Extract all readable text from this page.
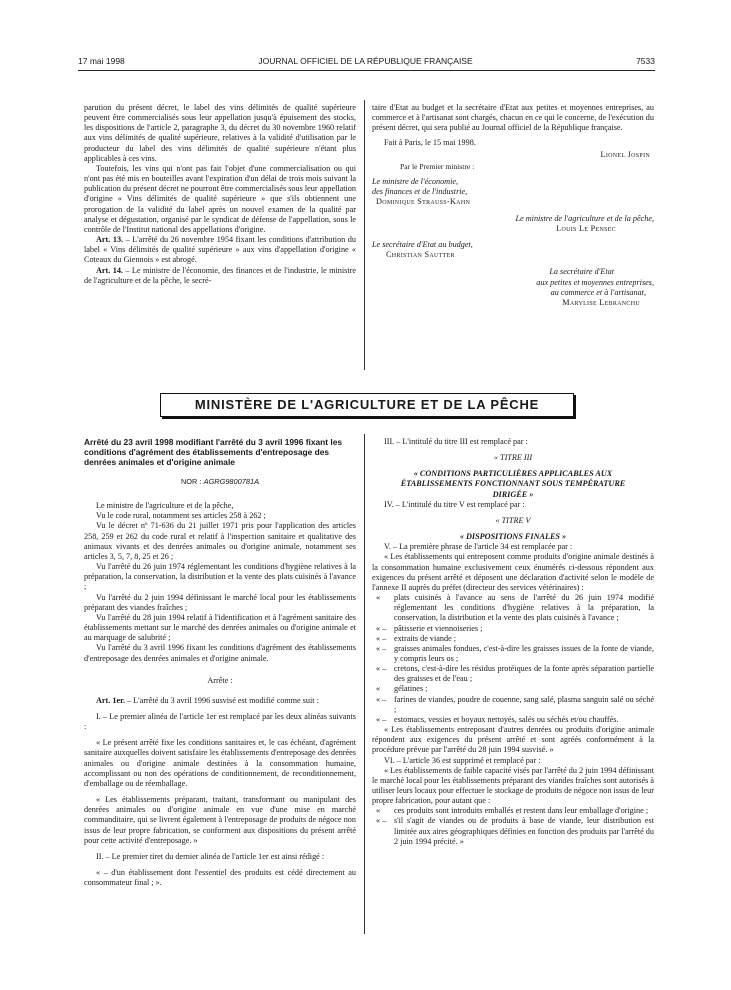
17 mai 1998	JOURNAL OFFICIEL DE LA RÉPUBLIQUE FRANÇAISE	7533

parution du présent décret, le label des vins délimités de qualité supérieure peuvent être commercialisés sous leur appellation jusqu'à épuisement des stocks, les dispositions de l'article 2, paragraphe 3, du décret du 30 novembre 1960 relatif aux vins délimités de qualité supérieure, relatives à la validité d'utilisation par le producteur du label des vins délimités de qualité supérieure n'étant plus applicables à ces vins.

Toutefois, les vins qui n'ont pas fait l'objet d'une commercialisation ou qui n'ont pas été mis en bouteilles avant l'expiration d'un délai de trois mois suivant la publication du présent décret ne pourront être commercialisés sous leur appellation d'origine « Vins délimités de qualité supérieure » que s'ils obtiennent une prorogation de la validité du label après un nouvel examen de la qualité par analyse et dégustation, organisé par le syndicat de défense de l'appellation, sous le contrôle de l'Institut national des appellations d'origine.

Art. 13. – L'arrêté du 26 novembre 1954 fixant les conditions d'attribution du label « Vins délimités de qualité supérieure » aux vins d'appellation d'origine « Coteaux du Giennois » est abrogé.

Art. 14. – Le ministre de l'économie, des finances et de l'industrie, le ministre de l'agriculture et de la pêche, le secré-

taire d'Etat au budget et la secrétaire d'Etat aux petites et moyennes entreprises, au commerce et à l'artisanat sont chargés, chacun en ce qui le concerne, de l'exécution du présent décret, qui sera publié au Journal officiel de la République française.

Fait à Paris, le 15 mai 1998.

Lionel Jospin
Par le Premier ministre :
Le ministre de l'économie,
des finances et de l'industrie,
Dominique Strauss-Kahn
Le ministre de l'agriculture et de la pêche,
Louis Le Pensec
Le secrétaire d'Etat au budget,
Christian Sautter
La secrétaire d'Etat
aux petites et moyennes entreprises,
au commerce et à l'artisanat,
Marylise Lebranchu
MINISTÈRE DE L'AGRICULTURE ET DE LA PÊCHE
Arrêté du 23 avril 1998 modifiant l'arrêté du 3 avril 1996 fixant les conditions d'agrément des établissements d'entreposage des denrées animales et d'origine animale
NOR : AGRG9800781A

Le ministre de l'agriculture et de la pêche,

Vu le code rural, notamment ses articles 258 à 262 ;

Vu le décret nº 71-636 du 21 juillet 1971 pris pour l'application des articles 258, 259 et 262 du code rural et relatif à l'inspection sanitaire et qualitative des animaux vivants et des denrées animales ou d'origine animale, notamment ses articles 3, 5, 7, 8, 25 et 26 ;

Vu l'arrêté du 26 juin 1974 réglementant les conditions d'hygiène relatives à la préparation, la conservation, la distribution et la vente des plats cuisinés à l'avance ;

Vu l'arrêté du 2 juin 1994 définissant le marché local pour les établissements préparant des viandes fraîches ;

Vu l'arrêté du 28 juin 1994 relatif à l'identification et à l'agrément sanitaire des établissements mettant sur le marché des denrées animales ou d'origine animale et au marquage de salubrité ;

Vu l'arrêté du 3 avril 1996 fixant les conditions d'agrément des établissements d'entreposage des denrées animales et d'origine animale.

Arrête :

Art. 1er. – L'arrêté du 3 avril 1996 susvisé est modifié comme suit :

I. – Le premier alinéa de l'article 1er est remplacé par les deux alinéas suivants :

« Le présent arrêté fixe les conditions sanitaires et, le cas échéant, d'agrément sanitaire auxquelles doivent satisfaire les établissements d'entreposage des denrées animales ou d'origine animale destinées à la consommation humaine, accomplissant ou non des opérations de conditionnement, de reconditionnement, d'emballage ou de réemballage.

« Les établissements préparant, traitant, transformant ou manipulant des denrées animales ou d'origine animale en vue d'une mise en marché commanditaire, qui se livrent également à l'entreposage de produits de négoce non issus de leur propre fabrication, se conforment aux dispositions du présent arrêté pour cette activité d'entreposage. »

II. – Le premier tiret du dernier alinéa de l'article 1er est ainsi rédigé :

« – d'un établissement dont l'essentiel des produits est cédé directement au consommateur final ; ».

III. – L'intitulé du titre III est remplacé par :

« TITRE III

« CONDITIONS PARTICULIÈRES APPLICABLES AUX ÉTABLISSEMENTS FONCTIONNANT SOUS TEMPÉRATURE DIRIGÉE »

IV. – L'intitulé du titre V est remplacé par :

« TITRE V

« DISPOSITIONS FINALES »

V. – La première phrase de l'article 34 est remplacée par :

« Les établissements qui entreposent comme produits d'origine animale destinés à la consommation humaine exclusivement ceux énumérés ci-dessous répondent aux exigences du présent arrêté et déposent une déclaration d'activité selon le modèle de l'annexe II auprès du préfet (directeur des services vétérinaires) :

« plats cuisinés à l'avance au sens de l'arrêté du 26 juin 1974 modifié réglementant les conditions d'hygiène relatives à la préparation, la conservation, la distribution et la vente des plats cuisinés à l'avance ;

« – pâtisserie et viennoiseries ;

« – extraits de viande ;

« – graisses animales fondues, c'est-à-dire les graisses issues de la fonte de viande, y compris leurs os ;

« – cretons, c'est-à-dire les résidus protéiques de la fonte après séparation partielle des graisses et de l'eau ;

« gélatines ;

« – farines de viandes, poudre de couenne, sang salé, plasma sanguin salé ou séché ;

« – estomacs, vessies et boyaux nettoyés, salés ou séchés et/ou chauffés.

« Les établissements entreposant d'autres denrées ou produits d'origine animale répondent aux exigences du présent arrêté et sont agréés conformément à la procédure prévue par l'arrêté du 28 juin 1994 susvisé. »

VI. – L'article 36 est supprimé et remplacé par :

« Les établissements de faible capacité visés par l'arrêté du 2 juin 1994 définissant le marché local pour les établissements préparant des viandes fraîches sont autorisés à utiliser leurs locaux pour effectuer le stockage de produits de négoce non issus de leur propre fabrication, pour autant que :

« ces produits sont introduits emballés et restent dans leur emballage d'origine ;

« – s'il s'agit de viandes ou de produits à base de viande, leur distribution est limitée aux aires géographiques définies en fonction des produits par l'arrêté du 2 juin 1994 précité. »
